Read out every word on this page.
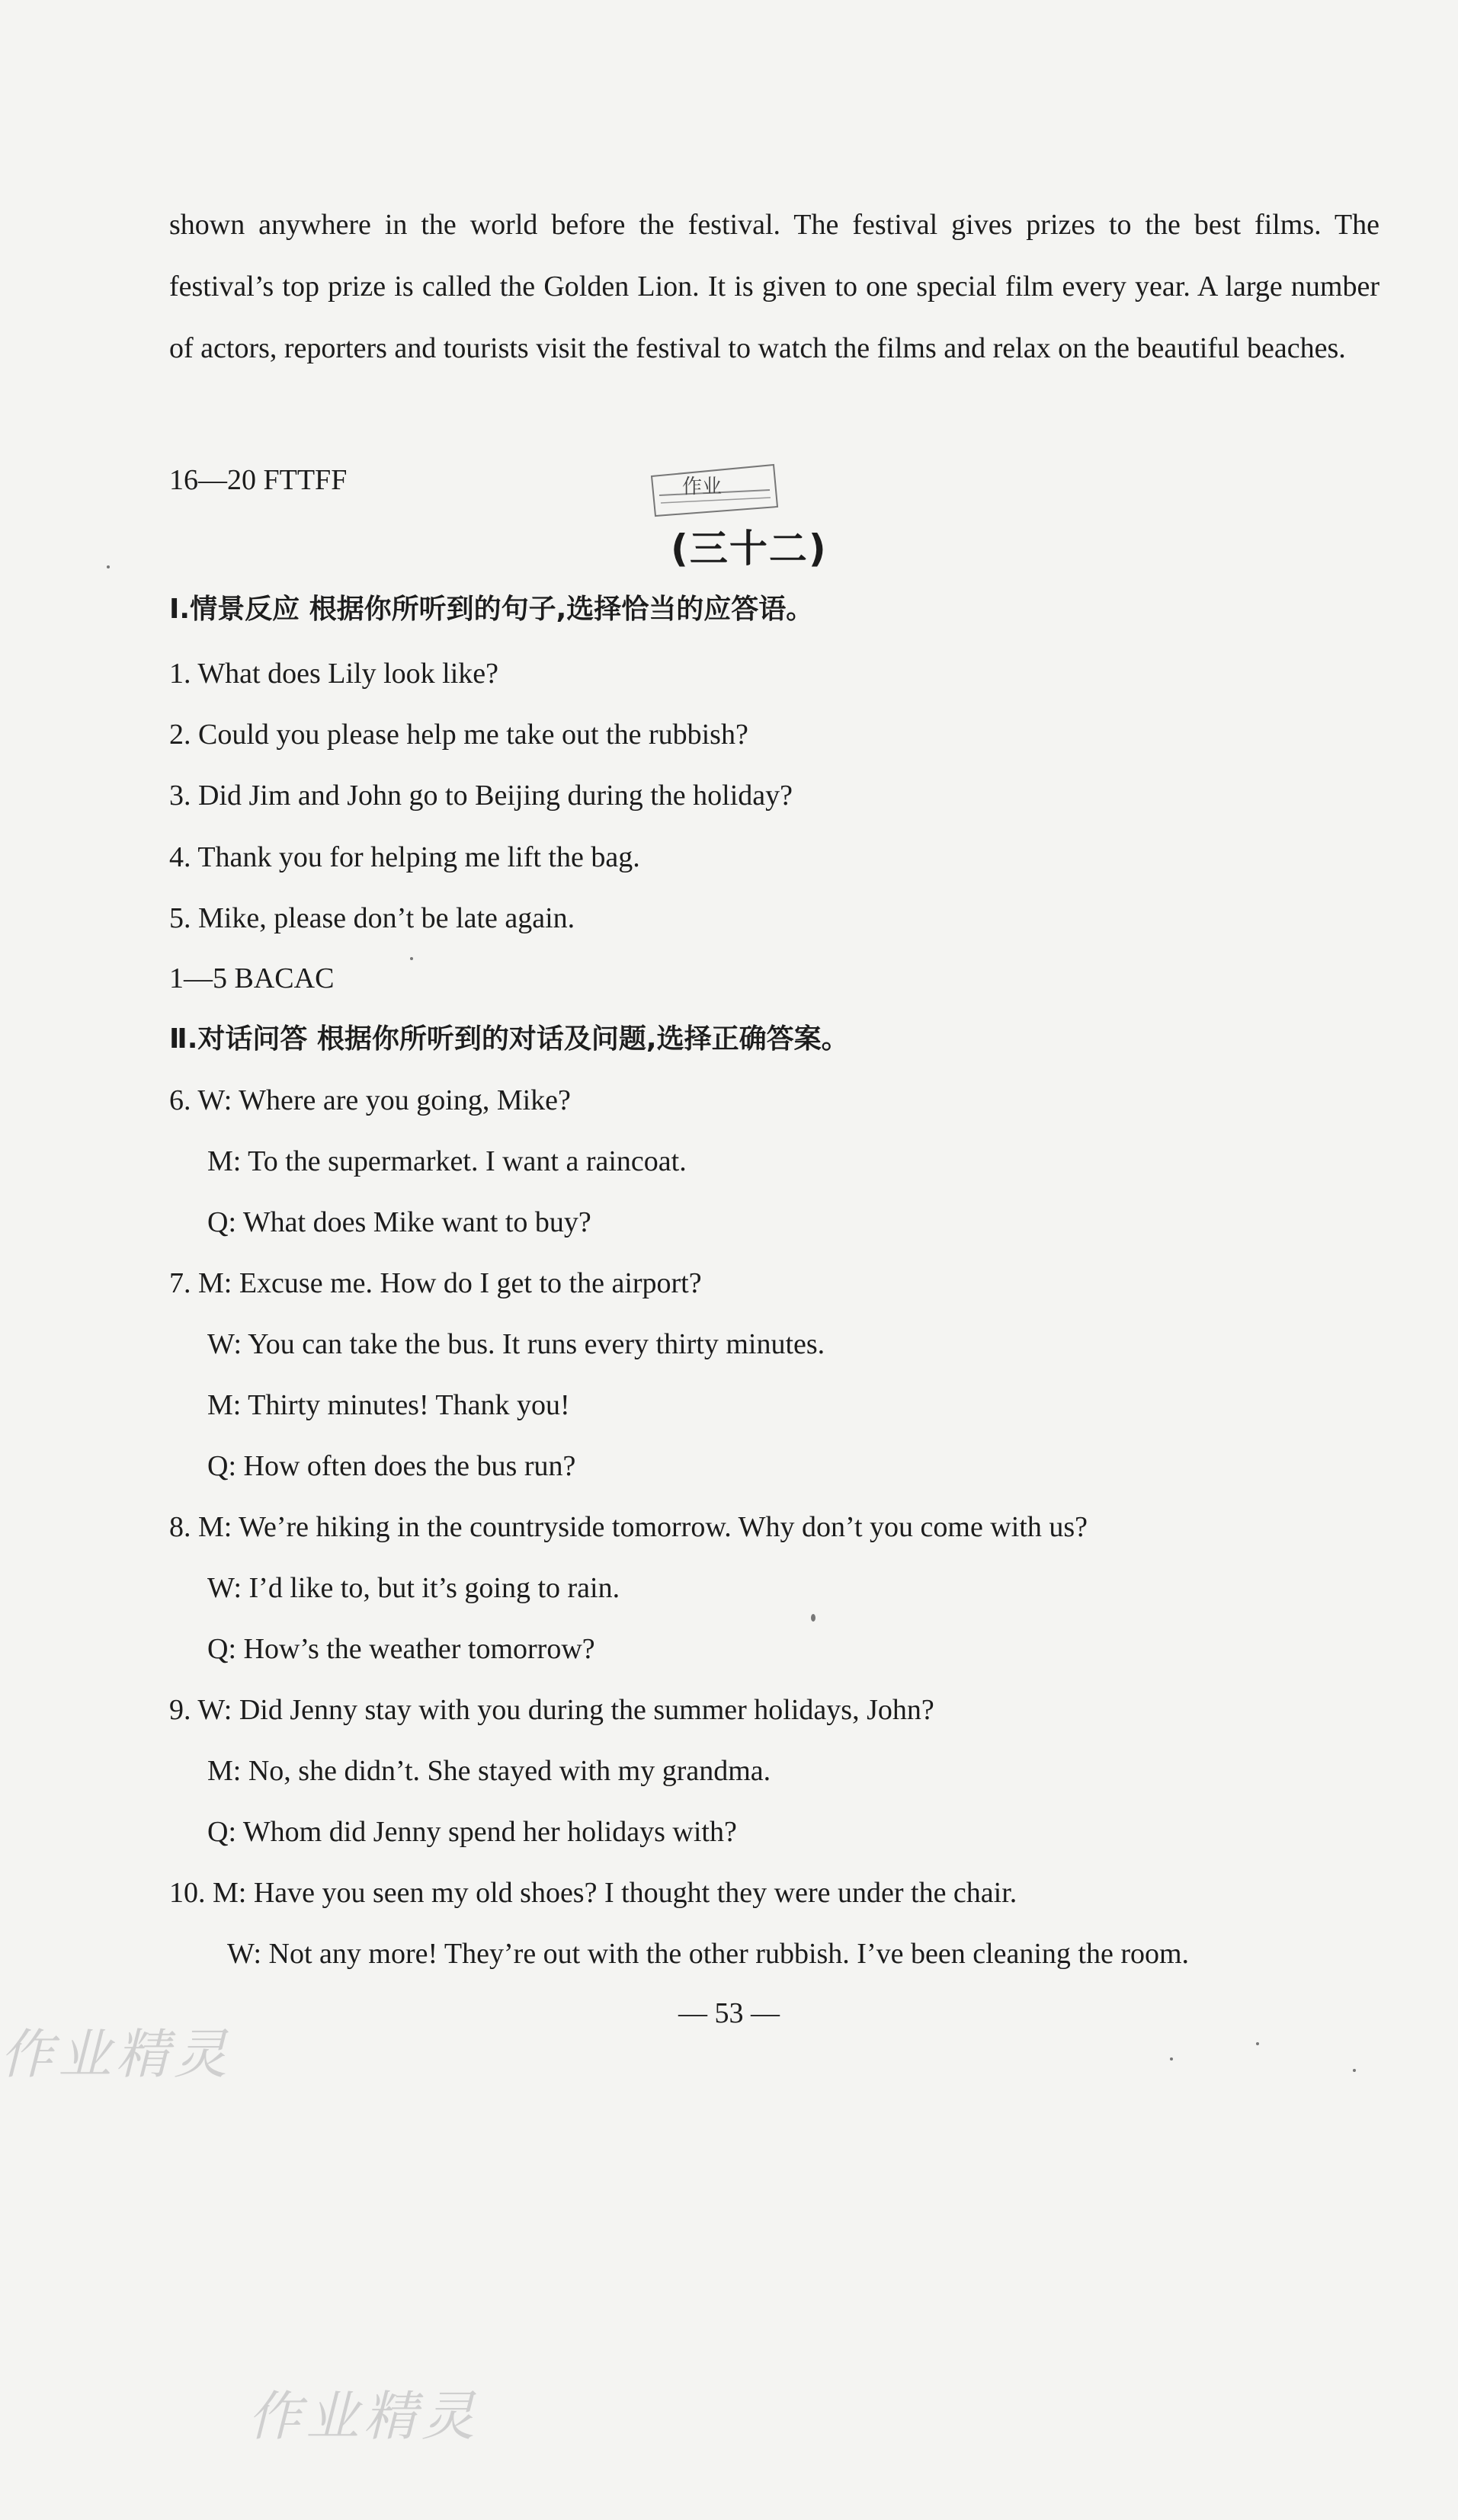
shown anywhere in the world before the festival. The festival gives prizes to the best films. The festival’s top prize is called the Golden Lion. It is given to one special film every year. A large number of actors, reporters and tourists visit the festival to watch the films and relax on the beautiful beaches.
16—20 FTTFF	作业
(三十二)
Ⅰ.情景反应 根据你所听到的句子,选择恰当的应答语。
1. What does Lily look like?
2. Could you please help me take out the rubbish?
3. Did Jim and John go to Beijing during the holiday?
4. Thank you for helping me lift the bag.
5. Mike, please don’t be late again.
1—5 BACAC
Ⅱ.对话问答 根据你所听到的对话及问题,选择正确答案。
6. W: Where are you going, Mike?
M: To the supermarket. I want a raincoat.
Q: What does Mike want to buy?
7. M: Excuse me. How do I get to the airport?
W: You can take the bus. It runs every thirty minutes.
M: Thirty minutes! Thank you!
Q: How often does the bus run?
8. M: We’re hiking in the countryside tomorrow. Why don’t you come with us?
W: I’d like to, but it’s going to rain.
Q: How’s the weather tomorrow?
9. W: Did Jenny stay with you during the summer holidays, John?
M: No, she didn’t. She stayed with my grandma.
Q: Whom did Jenny spend her holidays with?
10. M: Have you seen my old shoes? I thought they were under the chair.
W: Not any more! They’re out with the other rubbish. I’ve been cleaning the room.
— 53 —
作业精灵
作业精灵
